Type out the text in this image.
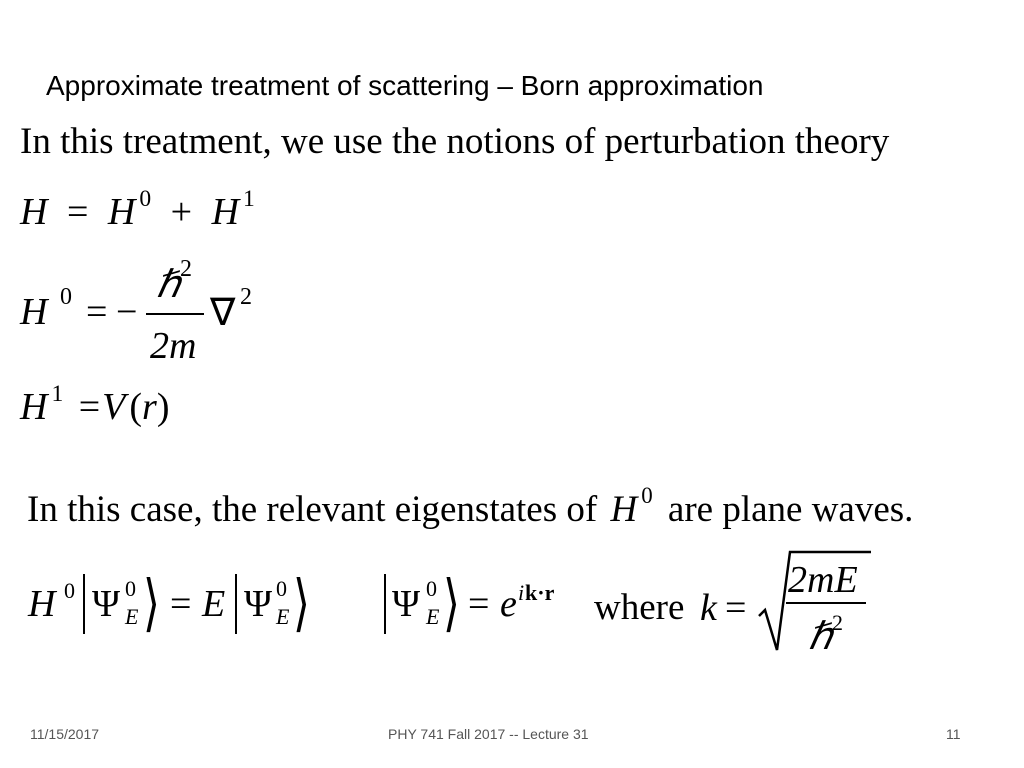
Approximate treatment of scattering – Born approximation
In this treatment, we use the notions of perturbation theory
H = H $^0$ + H $^1$
H 0 = −
ℏ 2
2m
∇ 2
H $^1$ =V (r)
In this case, the relevant eigenstates of H $^0$ are plane waves.
H 0 Ψ 0
E ⟩ = E Ψ 0
E ⟩ Ψ 0
E ⟩ = e i k·r where k =
2mE
ℏ 2
11/15/2017	PHY 741 Fall 2017 -- Lecture 31	11
